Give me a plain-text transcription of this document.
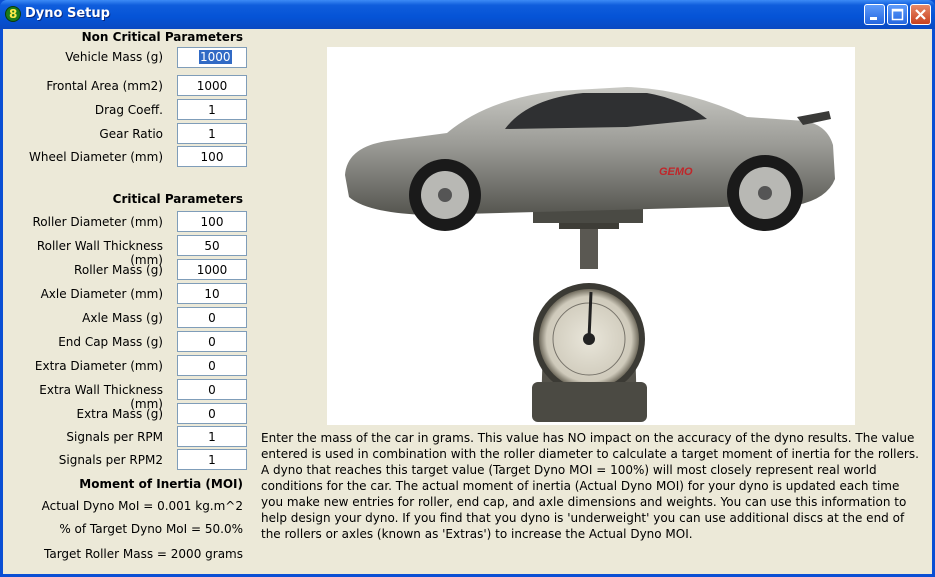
8 Dyno Setup
Non Critical Parameters
Vehicle Mass (g)	1000
Frontal Area (mm2)
1000
Drag Coeff.
1
Gear Ratio
1
Wheel Diameter (mm)
100
Critical Parameters
Roller Diameter (mm)
100
Roller Wall Thickness (mm)
50
Roller Mass (g)
1000
Axle Diameter (mm)
10
Axle Mass (g)
0
End Cap Mass (g)
0
Extra Diameter (mm)
0
Extra Wall Thickness (mm)
0
Extra Mass (g)
0
Signals per RPM
1
Signals per RPM2
1
Moment of Inertia (MOI)
Actual Dyno MoI = 0.001 kg.m^2
% of Target Dyno MoI = 50.0%
Target Roller Mass = 2000 grams
GEMO
Enter the mass of the car in grams. This value has NO impact on the accuracy of the dyno results. The value entered is used in combination with the roller diameter to calculate a target moment of inertia for the rollers. A dyno that reaches this target value (Target Dyno MOI = 100%) will most closely represent real world conditions for the car. The actual moment of inertia (Actual Dyno MOI) for your dyno is updated each time you make new entries for roller, end cap, and axle dimensions and weights. You can use this information to help design your dyno. If you find that you dyno is 'underweight' you can use additional discs at the end of the rollers or axles (known as 'Extras') to increase the Actual Dyno MOI.
